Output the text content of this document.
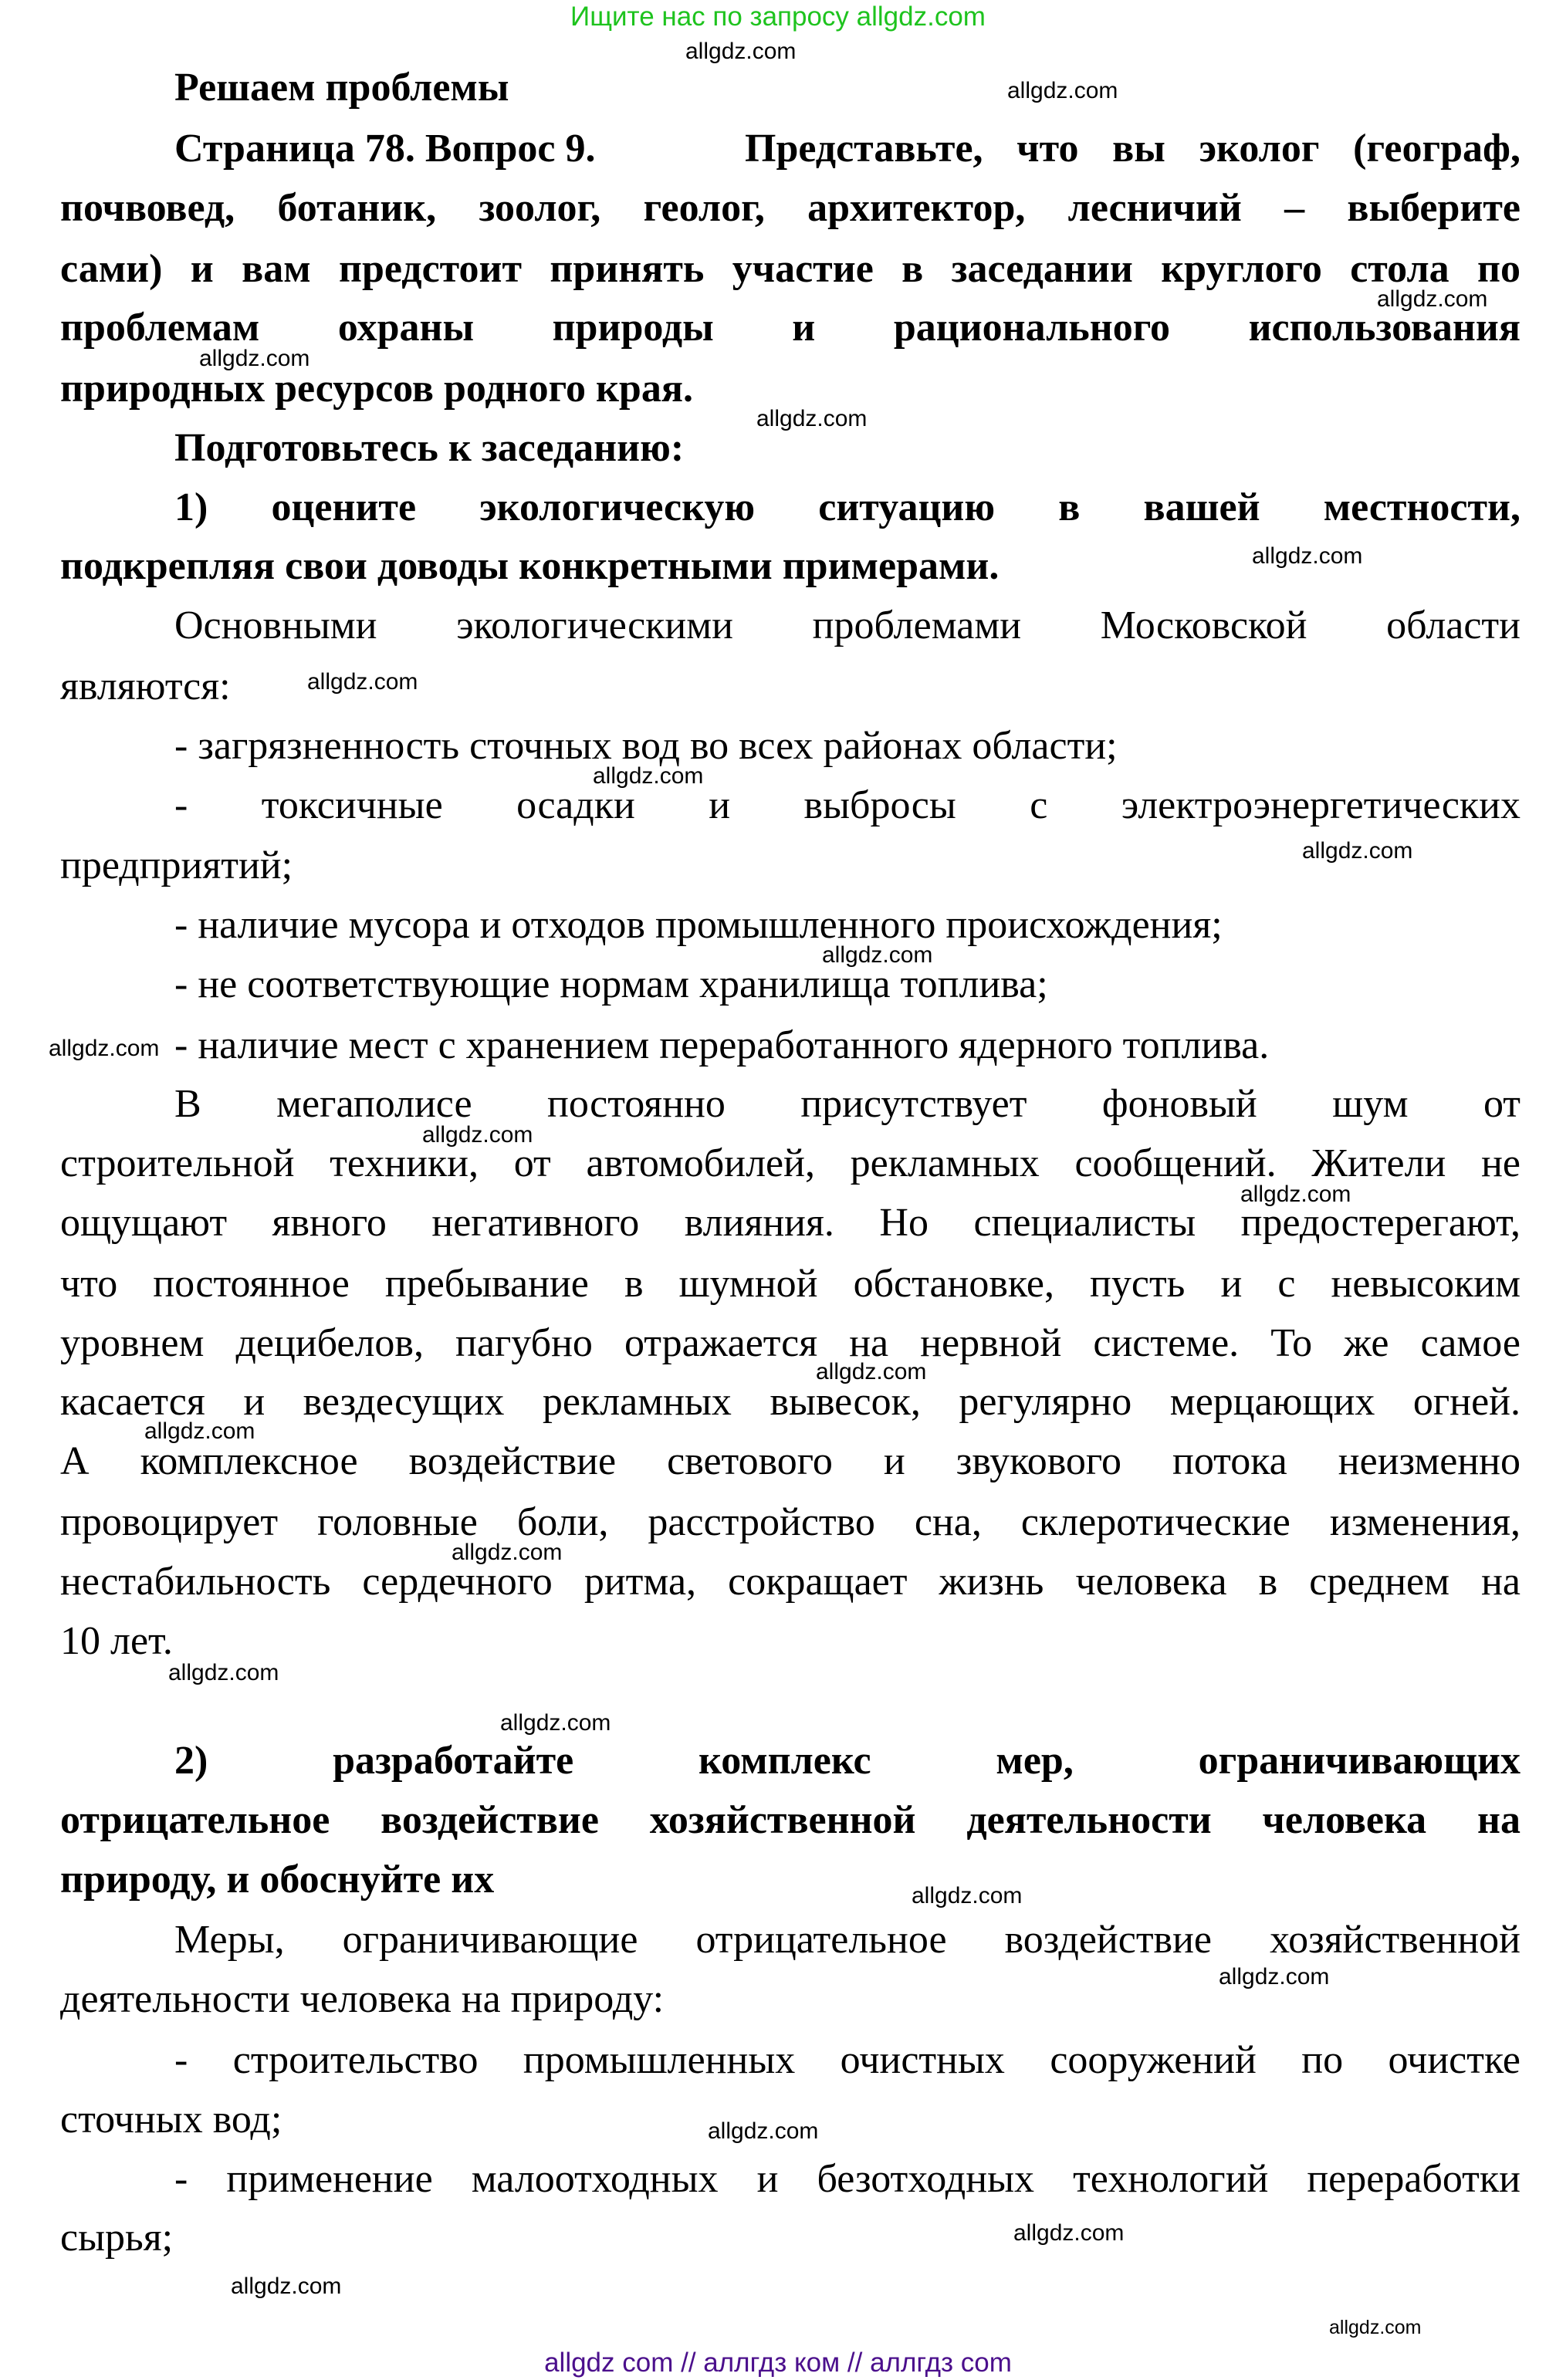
Ищите нас по запросу allgdz.com
Решаем проблемы
Страница 78. Вопрос 9.	Представьте, что вы эколог (географ,
почвовед, ботаник, зоолог, геолог, архитектор, лесничий – выберите
сами) и вам предстоит принять участие в заседании круглого стола по
проблемам охраны природы и рационального использования
природных ресурсов родного края.
Подготовьтесь к заседанию:
1) оцените экологическую ситуацию в вашей местности,
подкрепляя свои доводы конкретными примерами.
Основными экологическими проблемами Московской области
являются:
- загрязненность сточных вод во всех районах области;
- токсичные осадки и выбросы с электроэнергетических
предприятий;
- наличие мусора и отходов промышленного происхождения;
- не соответствующие нормам хранилища топлива;
- наличие мест с хранением переработанного ядерного топлива.
В мегаполисе постоянно присутствует фоновый шум от
строительной техники, от автомобилей, рекламных сообщений. Жители не
ощущают явного негативного влияния. Но специалисты предостерегают,
что постоянное пребывание в шумной обстановке, пусть и с невысоким
уровнем децибелов, пагубно отражается на нервной системе. То же самое
касается и вездесущих рекламных вывесок, регулярно мерцающих огней.
А комплексное воздействие светового и звукового потока неизменно
провоцирует головные боли, расстройство сна, склеротические изменения,
нестабильность сердечного ритма, сокращает жизнь человека в среднем на
10 лет.
2) разработайте комплекс мер, ограничивающих
отрицательное воздействие хозяйственной деятельности человека на
природу, и обоснуйте их
Меры, ограничивающие отрицательное воздействие хозяйственной
деятельности человека на природу:
- строительство промышленных очистных сооружений по очистке
сточных вод;
- применение малоотходных и безотходных технологий переработки
сырья;
allgdz.com
allgdz.com
allgdz.com
allgdz.com
allgdz.com
allgdz.com
allgdz.com
allgdz.com
allgdz.com
allgdz.com
allgdz.com
allgdz.com
allgdz.com
allgdz.com
allgdz.com
allgdz.com
allgdz.com
allgdz.com
allgdz.com
allgdz.com
allgdz.com
allgdz.com
allgdz.com
allgdz.com
allgdz com // аллгдз ком // аллгдз com
